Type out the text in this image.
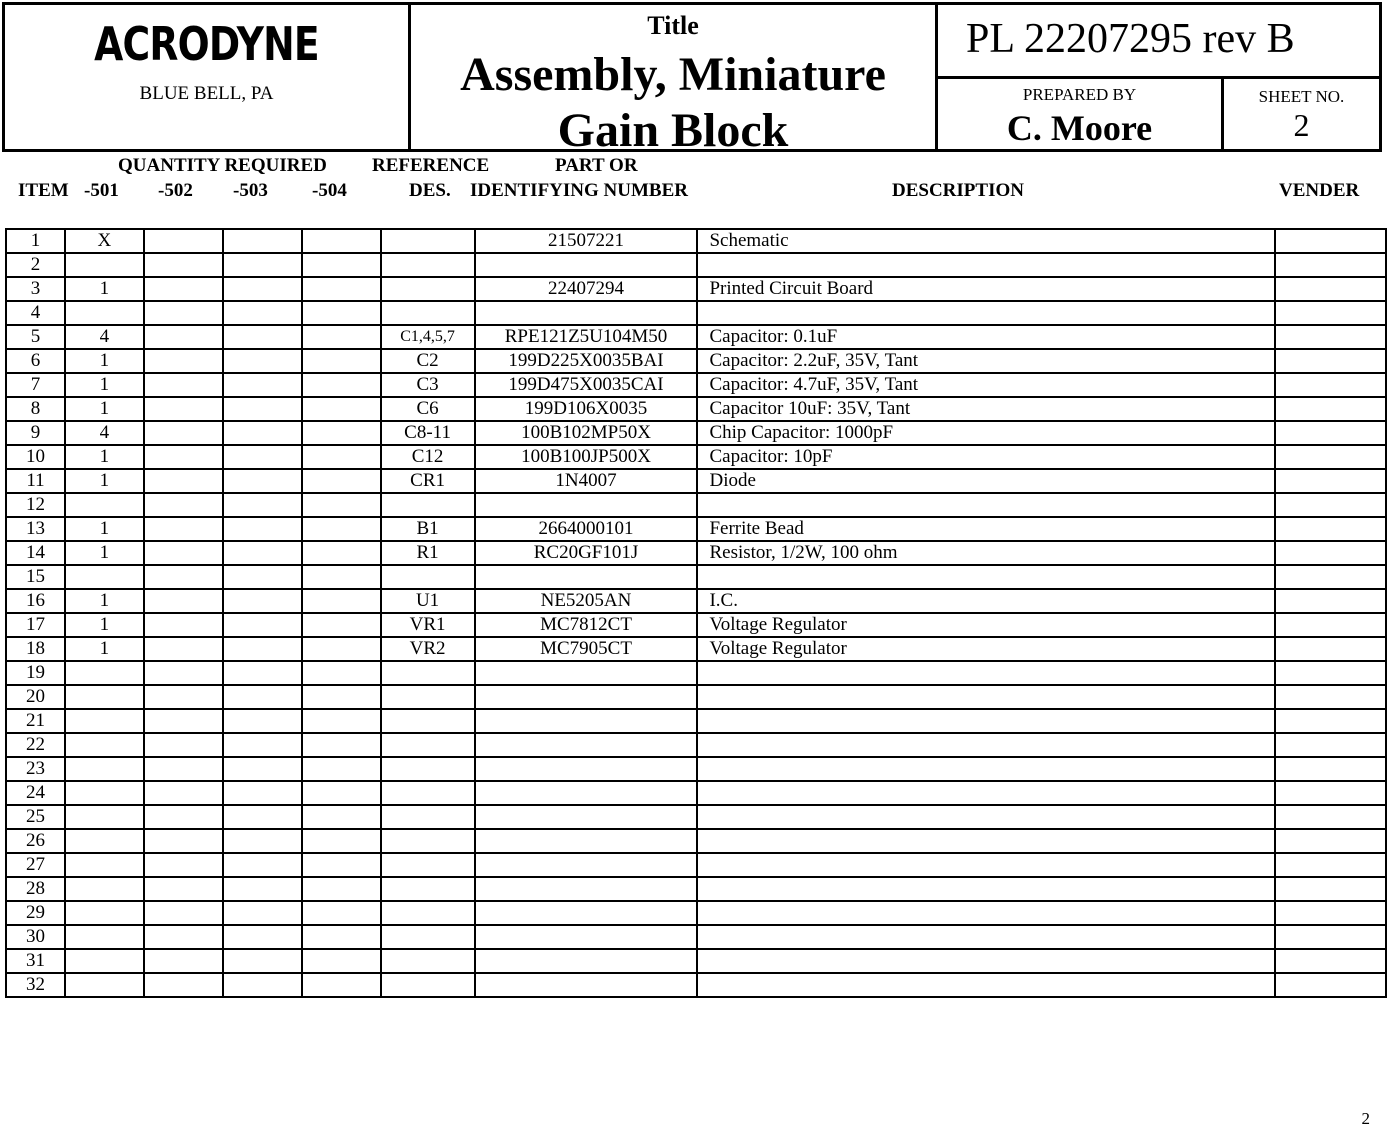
ACRODYNE
BLUE BELL, PA
Title
Assembly, Miniature
Gain Block
PL 22207295 rev B
PREPARED BY
C. Moore
SHEET NO.
2
QUANTITY REQUIRED REFERENCE	PART OR
ITEM -501 -502 -503 -504	DES. IDENTIFYING NUMBER	DESCRIPTION	VENDER
1	X					21507221	Schematic	
2								
3	1					22407294	Printed Circuit Board	
4								
5	4				C1,4,5,7	RPE121Z5U104M50	Capacitor: 0.1uF	
6	1				C2	199D225X0035BAI	Capacitor: 2.2uF, 35V, Tant	
7	1				C3	199D475X0035CAI	Capacitor: 4.7uF, 35V, Tant	
8	1				C6	199D106X0035	Capacitor 10uF: 35V, Tant	
9	4				C8-11	100B102MP50X	Chip Capacitor: 1000pF	
10	1				C12	100B100JP500X	Capacitor: 10pF	
11	1				CR1	1N4007	Diode	
12								
13	1				B1	2664000101	Ferrite Bead	
14	1				R1	RC20GF101J	Resistor, 1/2W, 100 ohm	
15								
16	1				U1	NE5205AN	I.C.	
17	1				VR1	MC7812CT	Voltage Regulator	
18	1				VR2	MC7905CT	Voltage Regulator	
19								
20								
21								
22								
23								
24								
25								
26								
27								
28								
29								
30								
31								
32								
2
